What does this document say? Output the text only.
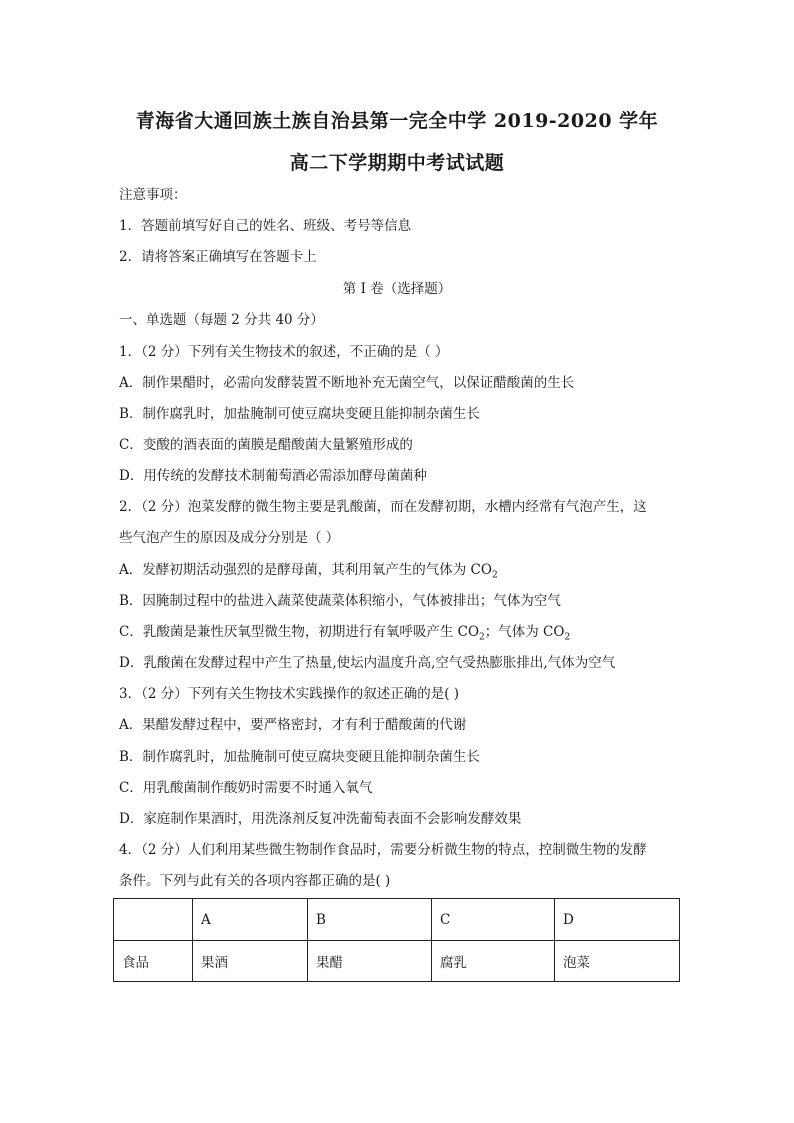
青海省大通回族土族自治县第一完全中学 2019-2020 学年
高二下学期期中考试试题
注意事项：
1．答题前填写好自己的姓名、班级、考号等信息
2．请将答案正确填写在答题卡上
第 I 卷（选择题）
一、单选题（每题 2 分共 40 分）
1．（2 分）下列有关生物技术的叙述，不正确的是（ ）
A．制作果醋时，必需向发酵装置不断地补充无菌空气，以保证醋酸菌的生长
B．制作腐乳时，加盐腌制可使豆腐块变硬且能抑制杂菌生长
C．变酸的酒表面的菌膜是醋酸菌大量繁殖形成的
D．用传统的发酵技术制葡萄酒必需添加酵母菌菌种
2．（2 分）泡菜发酵的微生物主要是乳酸菌，而在发酵初期，水槽内经常有气泡产生，这
些气泡产生的原因及成分分别是（ ）
A．发酵初期活动强烈的是酵母菌，其利用氧产生的气体为 $CO_2$
B．因腌制过程中的盐进入蔬菜使蔬菜体积缩小，气体被排出；气体为空气
C．乳酸菌是兼性厌氧型微生物，初期进行有氧呼吸产生 $CO_2$；气体为 $CO_2$
D．乳酸菌在发酵过程中产生了热量,使坛内温度升高,空气受热膨胀排出,气体为空气
3．（2 分）下列有关生物技术实践操作的叙述正确的是( )
A．果醋发酵过程中，要严格密封，才有利于醋酸菌的代谢
B．制作腐乳时，加盐腌制可使豆腐块变硬且能抑制杂菌生长
C．用乳酸菌制作酸奶时需要不时通入氧气
D．家庭制作果酒时，用洗涤剂反复冲洗葡萄表面不会影响发酵效果
4．（2 分）人们利用某些微生物制作食品时，需要分析微生物的特点，控制微生物的发酵
条件。下列与此有关的各项内容都正确的是( )
	A	B	C	D
食品	果酒	果醋	腐乳	泡菜
